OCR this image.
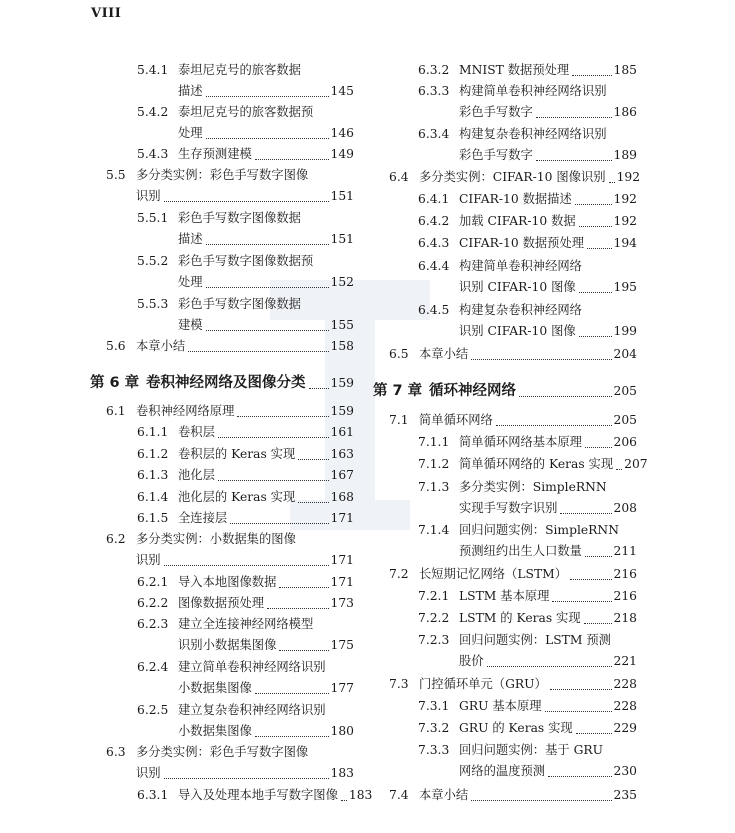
VIII
5.4.1 泰坦尼克号的旅客数据
描述	145
5.4.2 泰坦尼克号的旅客数据预
处理	146
5.4.3 生存预测建模	149
5.5 多分类实例：彩色手写数字图像
识别	151
5.5.1 彩色手写数字图像数据
描述	151
5.5.2 彩色手写数字图像数据预
处理	152
5.5.3 彩色手写数字图像数据
建模	155
5.6 本章小结	158
第 6 章 卷积神经网络及图像分类 159
6.1 卷积神经网络原理	159
6.1.1 卷积层	161
6.1.2 卷积层的 Keras 实现	163
6.1.3 池化层	167
6.1.4 池化层的 Keras 实现	168
6.1.5 全连接层	171
6.2 多分类实例：小数据集的图像
识别	171
6.2.1 导入本地图像数据	171
6.2.2 图像数据预处理	173
6.2.3 建立全连接神经网络模型
识别小数据集图像	175
6.2.4 建立简单卷积神经网络识别
小数据集图像	177
6.2.5 建立复杂卷积神经网络识别
小数据集图像	180
6.3 多分类实例：彩色手写数字图像
识别	183
6.3.1 导入及处理本地手写数字图像 183
6.3.2 MNIST 数据预处理	185
6.3.3 构建简单卷积神经网络识别
彩色手写数字	186
6.3.4 构建复杂卷积神经网络识别
彩色手写数字	189
6.4 多分类实例：CIFAR-10 图像识别 192
6.4.1 CIFAR-10 数据描述	192
6.4.2 加载 CIFAR-10 数据	192
6.4.3 CIFAR-10 数据预处理 194
6.4.4 构建简单卷积神经网络
识别 CIFAR-10 图像	195
6.4.5 构建复杂卷积神经网络
识别 CIFAR-10 图像	199
6.5 本章小结	204
第 7 章 循环神经网络	205
7.1 简单循环网络	205
7.1.1 简单循环网络基本原理	206
7.1.2 简单循环网络的 Keras 实现 207
7.1.3 多分类实例：SimpleRNN
实现手写数字识别	208
7.1.4 回归问题实例：SimpleRNN
预测纽约出生人口数量	211
7.2 长短期记忆网络（LSTM）	216
7.2.1 LSTM 基本原理	216
7.2.2 LSTM 的 Keras 实现	218
7.2.3 回归问题实例：LSTM 预测
股价	221
7.3 门控循环单元（GRU）	228
7.3.1 GRU 基本原理	228
7.3.2 GRU 的 Keras 实现	229
7.3.3 回归问题实例：基于 GRU
网络的温度预测	230
7.4 本章小结	235
